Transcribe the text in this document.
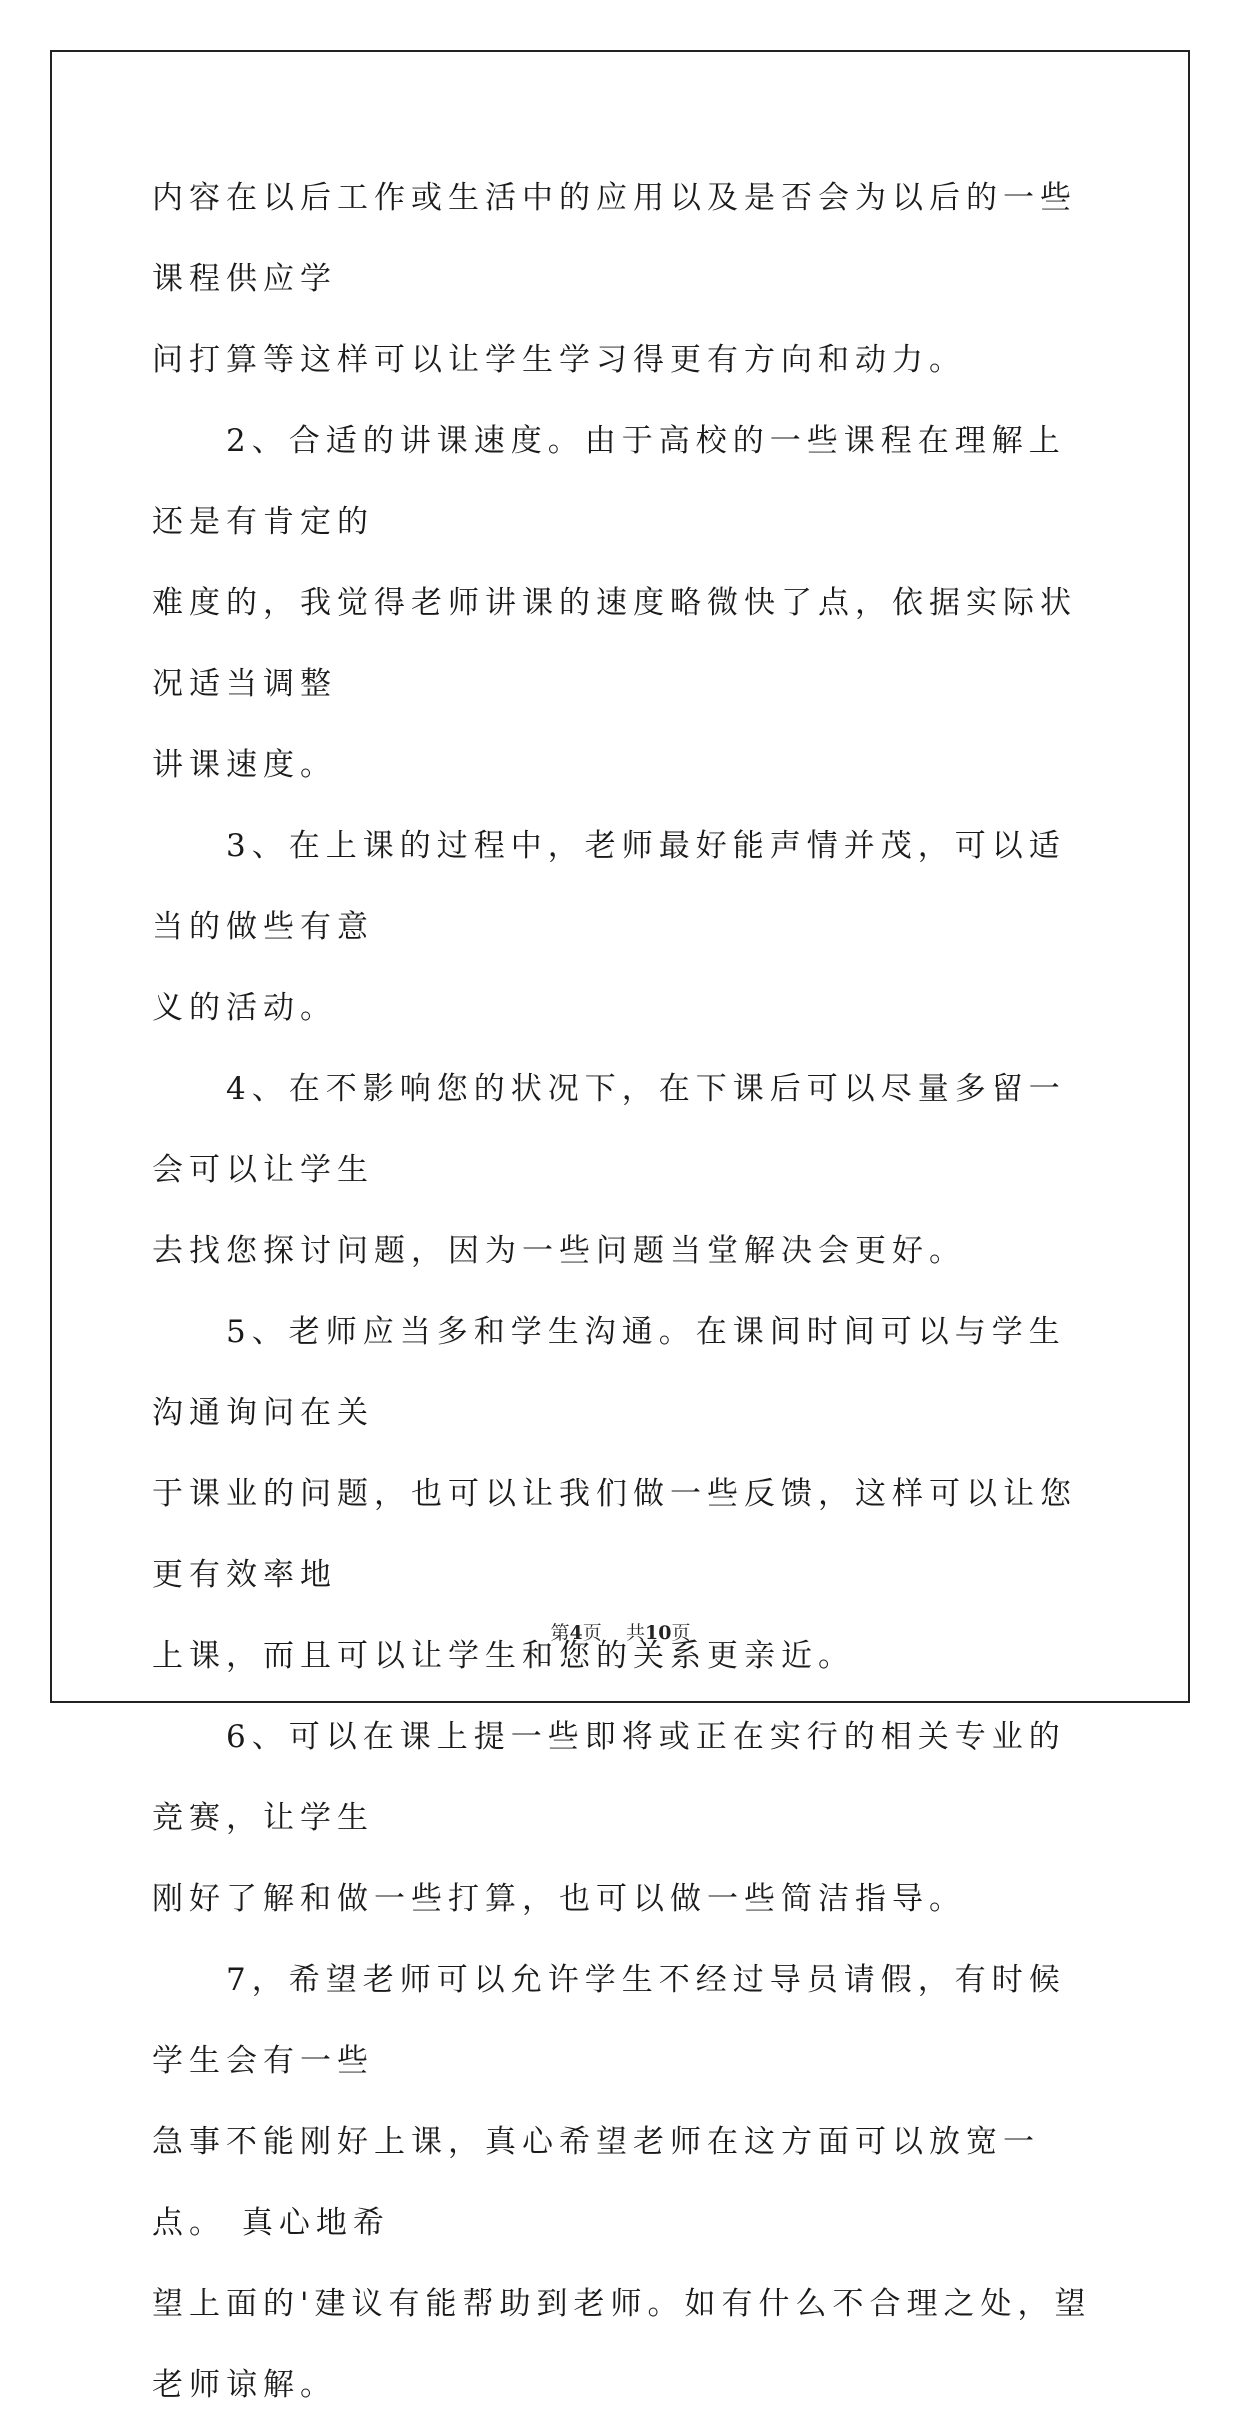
内容在以后工作或生活中的应用以及是否会为以后的一些课程供应学

问打算等这样可以让学生学习得更有方向和动力。

　　2、合适的讲课速度。由于高校的一些课程在理解上还是有肯定的

难度的，我觉得老师讲课的速度略微快了点，依据实际状况适当调整

讲课速度。

　　3、在上课的过程中，老师最好能声情并茂，可以适当的做些有意

义的活动。

　　4、在不影响您的状况下，在下课后可以尽量多留一会可以让学生

去找您探讨问题，因为一些问题当堂解决会更好。

　　5、老师应当多和学生沟通。在课间时间可以与学生沟通询问在关

于课业的问题，也可以让我们做一些反馈，这样可以让您更有效率地

上课，而且可以让学生和您的关系更亲近。

　　6、可以在课上提一些即将或正在实行的相关专业的竞赛，让学生

刚好了解和做一些打算，也可以做一些简洁指导。

　　7，希望老师可以允许学生不经过导员请假，有时候学生会有一些

急事不能刚好上课，真心希望老师在这方面可以放宽一点。 真心地希

望上面的'建议有能帮助到老师。如有什么不合理之处，望老师谅解。

第4页 共10页
